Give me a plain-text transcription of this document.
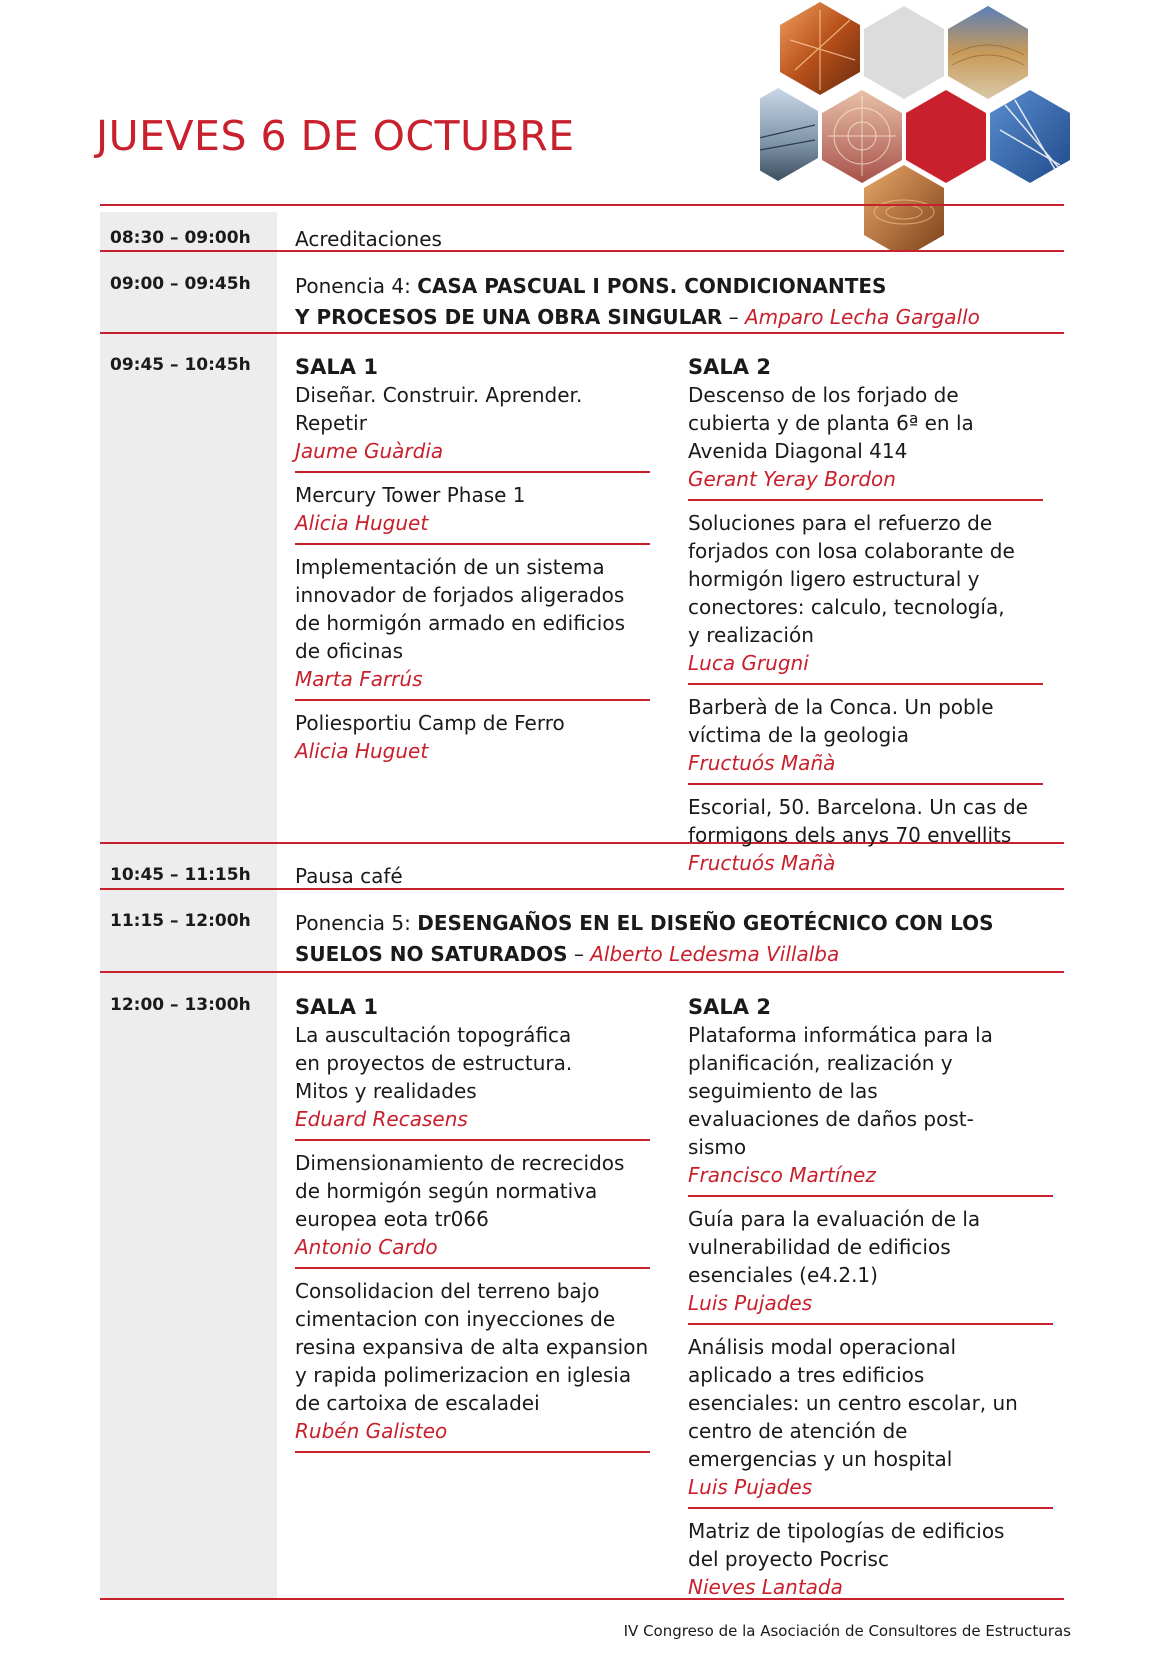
JUEVES 6 DE OCTUBRE
08:30 – 09:00h Acreditaciones
09:00 – 09:45h Ponencia 4: CASA PASCUAL I PONS. CONDICIONANTES
Y PROCESOS DE UNA OBRA SINGULAR – Amparo Lecha Gargallo
09:45 – 10:45h SALA 1
Diseñar. Construir. Aprender. Repetir
Jaume Guàrdia
Mercury Tower Phase 1
Alicia Huguet
Implementación de un sistema innovador de forjados aligerados de hormigón armado en edificios de oficinas
Marta Farrús
Poliesportiu Camp de Ferro
Alicia Huguet
SALA 2
Descenso de los forjado de cubierta y de planta 6ª en la Avenida Diagonal 414
Gerant Yeray Bordon
Soluciones para el refuerzo de forjados con losa colaborante de hormigón ligero estructural y conectores: calculo, tecnología, y realización
Luca Grugni
Barberà de la Conca. Un poble víctima de la geologia
Fructuós Mañà
Escorial, 50. Barcelona. Un cas de formigons dels anys 70 envellits
Fructuós Mañà
10:45 – 11:15h Pausa café
11:15 – 12:00h Ponencia 5: DESENGAÑOS EN EL DISEÑO GEOTÉCNICO CON LOS
SUELOS NO SATURADOS – Alberto Ledesma Villalba
12:00 – 13:00h SALA 1
La auscultación topográfica en proyectos de estructura. Mitos y realidades
Eduard Recasens
Dimensionamiento de recrecidos de hormigón según normativa europea eota tr066
Antonio Cardo
Consolidacion del terreno bajo cimentacion con inyecciones de resina expansiva de alta expansion y rapida polimerizacion en iglesia de cartoixa de escaladei
Rubén Galisteo
SALA 2
Plataforma informática para la planificación, realización y seguimiento de las evaluaciones de daños post-sismo
Francisco Martínez
Guía para la evaluación de la vulnerabilidad de edificios esenciales (e4.2.1)
Luis Pujades
Análisis modal operacional aplicado a tres edificios esenciales: un centro escolar, un centro de atención de emergencias y un hospital
Luis Pujades
Matriz de tipologías de edificios del proyecto Pocrisc
Nieves Lantada
IV Congreso de la Asociación de Consultores de Estructuras
